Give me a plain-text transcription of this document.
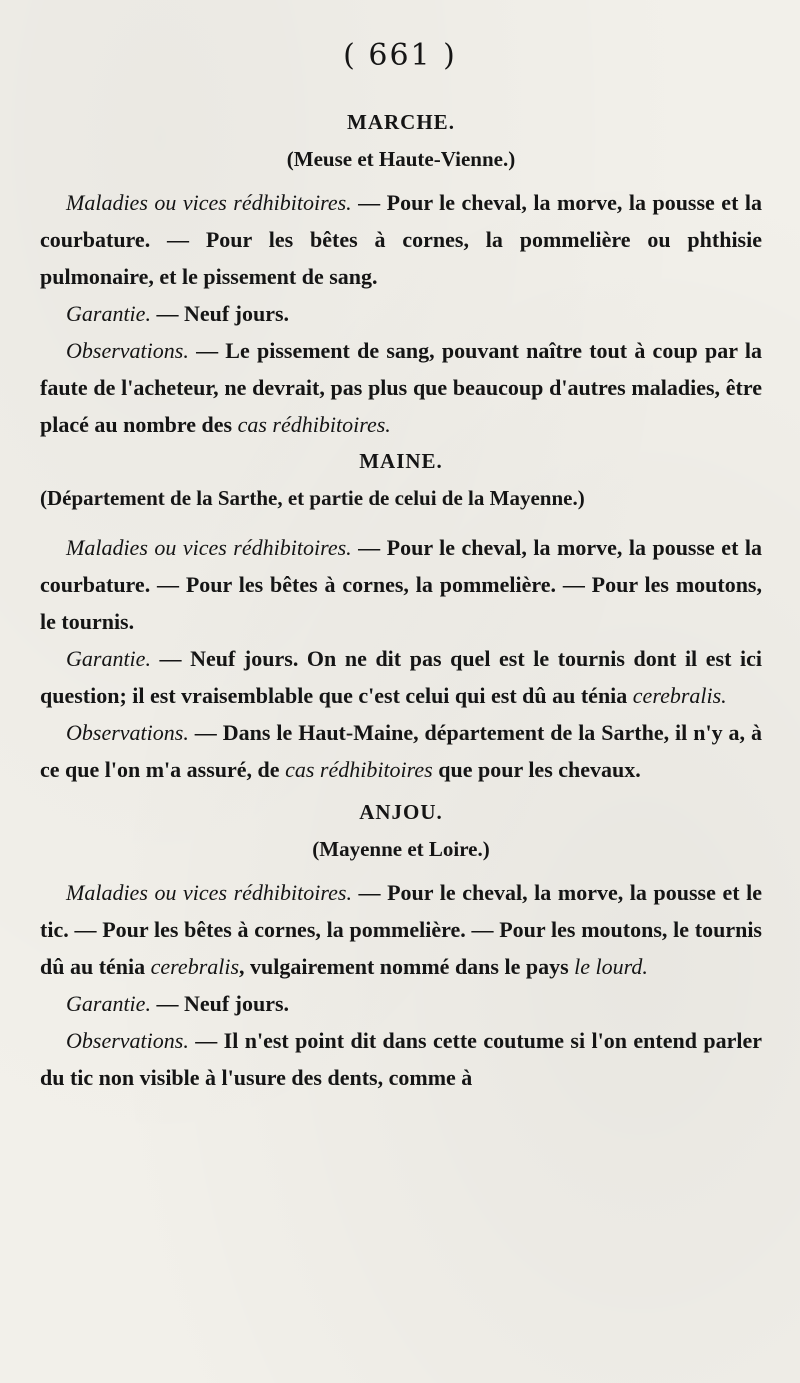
( 661 )
MARCHE.
(Meuse et Haute-Vienne.)

Maladies ou vices rédhibitoires. — Pour le cheval, la morve, la pousse et la courbature. — Pour les bêtes à cornes, la pommelière ou phthisie pulmonaire, et le pissement de sang.

Garantie. — Neuf jours.

Observations. — Le pissement de sang, pouvant naître tout à coup par la faute de l'acheteur, ne devrait, pas plus que beaucoup d'autres maladies, être placé au nombre des cas rédhibitoires.

MAINE.
(Département de la Sarthe, et partie de celui de la Mayenne.)

Maladies ou vices rédhibitoires. — Pour le cheval, la morve, la pousse et la courbature. — Pour les bêtes à cornes, la pommelière. — Pour les moutons, le tournis.

Garantie. — Neuf jours. On ne dit pas quel est le tournis dont il est ici question; il est vraisemblable que c'est celui qui est dû au ténia cerebralis.

Observations. — Dans le Haut-Maine, département de la Sarthe, il n'y a, à ce que l'on m'a assuré, de cas rédhibitoires que pour les chevaux.

ANJOU.
(Mayenne et Loire.)

Maladies ou vices rédhibitoires. — Pour le cheval, la morve, la pousse et le tic. — Pour les bêtes à cornes, la pommelière. — Pour les moutons, le tournis dû au ténia cerebralis, vulgairement nommé dans le pays le lourd.

Garantie. — Neuf jours.

Observations. — Il n'est point dit dans cette coutume si l'on entend parler du tic non visible à l'usure des dents, comme à
